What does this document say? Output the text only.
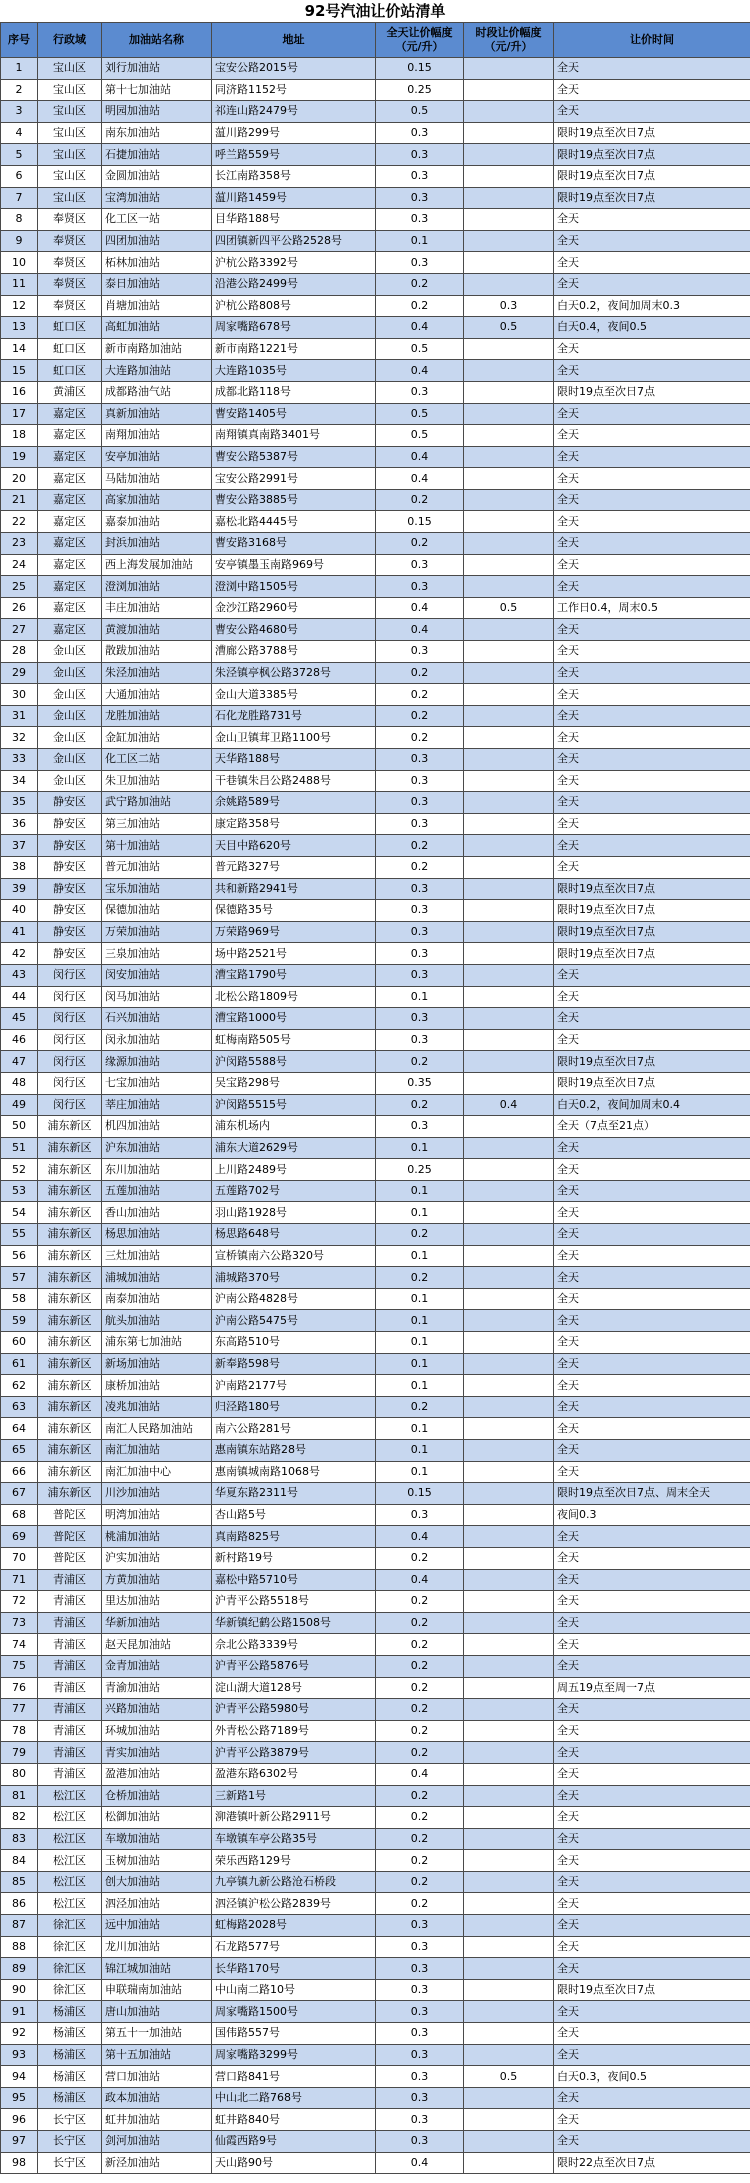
92号汽油让价站清单
序号	行政域	加油站名称	地址	全天让价幅度（元/升）	时段让价幅度（元/升）	让价时间
1	宝山区	刘行加油站	宝安公路2015号	0.15		全天
2	宝山区	第十七加油站	同济路1152号	0.25		全天
3	宝山区	明园加油站	祁连山路2479号	0.5		全天
4	宝山区	南东加油站	蕰川路299号	0.3		限时19点至次日7点
5	宝山区	石捷加油站	呼兰路559号	0.3		限时19点至次日7点
6	宝山区	金圆加油站	长江南路358号	0.3		限时19点至次日7点
7	宝山区	宝湾加油站	蕰川路1459号	0.3		限时19点至次日7点
8	奉贤区	化工区一站	目华路188号	0.3		全天
9	奉贤区	四团加油站	四团镇新四平公路2528号	0.1		全天
10	奉贤区	柘林加油站	沪杭公路3392号	0.3		全天
11	奉贤区	泰日加油站	沿港公路2499号	0.2		全天
12	奉贤区	肖塘加油站	沪杭公路808号	0.2	0.3	白天0.2，夜间加周末0.3
13	虹口区	高虹加油站	周家嘴路678号	0.4	0.5	白天0.4，夜间0.5
14	虹口区	新市南路加油站	新市南路1221号	0.5		全天
15	虹口区	大连路加油站	大连路1035号	0.4		全天
16	黄浦区	成都路油气站	成都北路118号	0.3		限时19点至次日7点
17	嘉定区	真新加油站	曹安路1405号	0.5		全天
18	嘉定区	南翔加油站	南翔镇真南路3401号	0.5		全天
19	嘉定区	安亭加油站	曹安公路5387号	0.4		全天
20	嘉定区	马陆加油站	宝安公路2991号	0.4		全天
21	嘉定区	高家加油站	曹安公路3885号	0.2		全天
22	嘉定区	嘉泰加油站	嘉松北路4445号	0.15		全天
23	嘉定区	封浜加油站	曹安路3168号	0.2		全天
24	嘉定区	西上海发展加油站	安亭镇墨玉南路969号	0.3		全天
25	嘉定区	澄浏加油站	澄浏中路1505号	0.3		全天
26	嘉定区	丰庄加油站	金沙江路2960号	0.4	0.5	工作日0.4，周末0.5
27	嘉定区	黄渡加油站	曹安公路4680号	0.4		全天
28	金山区	散跋加油站	漕廊公路3788号	0.3		全天
29	金山区	朱泾加油站	朱泾镇亭枫公路3728号	0.2		全天
30	金山区	大通加油站	金山大道3385号	0.2		全天
31	金山区	龙胜加油站	石化龙胜路731号	0.2		全天
32	金山区	金缸加油站	金山卫镇茸卫路1100号	0.2		全天
33	金山区	化工区二站	天华路188号	0.3		全天
34	金山区	朱卫加油站	干巷镇朱吕公路2488号	0.3		全天
35	静安区	武宁路加油站	余姚路589号	0.3		全天
36	静安区	第三加油站	康定路358号	0.3		全天
37	静安区	第十加油站	天目中路620号	0.2		全天
38	静安区	普元加油站	普元路327号	0.2		全天
39	静安区	宝乐加油站	共和新路2941号	0.3		限时19点至次日7点
40	静安区	保德加油站	保德路35号	0.3		限时19点至次日7点
41	静安区	万荣加油站	万荣路969号	0.3		限时19点至次日7点
42	静安区	三泉加油站	场中路2521号	0.3		限时19点至次日7点
43	闵行区	闵安加油站	漕宝路1790号	0.3		全天
44	闵行区	闵马加油站	北松公路1809号	0.1		全天
45	闵行区	石兴加油站	漕宝路1000号	0.3		全天
46	闵行区	闵永加油站	虹梅南路505号	0.3		全天
47	闵行区	缘源加油站	沪闵路5588号	0.2		限时19点至次日7点
48	闵行区	七宝加油站	吴宝路298号	0.35		限时19点至次日7点
49	闵行区	莘庄加油站	沪闵路5515号	0.2	0.4	白天0.2，夜间加周末0.4
50	浦东新区	机四加油站	浦东机场内	0.3		全天（7点至21点）
51	浦东新区	沪东加油站	浦东大道2629号	0.1		全天
52	浦东新区	东川加油站	上川路2489号	0.25		全天
53	浦东新区	五莲加油站	五莲路702号	0.1		全天
54	浦东新区	香山加油站	羽山路1928号	0.1		全天
55	浦东新区	杨思加油站	杨思路648号	0.2		全天
56	浦东新区	三灶加油站	宣桥镇南六公路320号	0.1		全天
57	浦东新区	浦城加油站	浦城路370号	0.2		全天
58	浦东新区	南泰加油站	沪南公路4828号	0.1		全天
59	浦东新区	航头加油站	沪南公路5475号	0.1		全天
60	浦东新区	浦东第七加油站	东高路510号	0.1		全天
61	浦东新区	新场加油站	新奉路598号	0.1		全天
62	浦东新区	康桥加油站	沪南路2177号	0.1		全天
63	浦东新区	凌兆加油站	归泾路180号	0.2		全天
64	浦东新区	南汇人民路加油站	南六公路281号	0.1		全天
65	浦东新区	南汇加油站	惠南镇东站路28号	0.1		全天
66	浦东新区	南汇加油中心	惠南镇城南路1068号	0.1		全天
67	浦东新区	川沙加油站	华夏东路2311号	0.15		限时19点至次日7点、周末全天
68	普陀区	明湾加油站	杏山路5号	0.3		夜间0.3
69	普陀区	桃浦加油站	真南路825号	0.4		全天
70	普陀区	沪实加油站	新村路19号	0.2		全天
71	青浦区	方黄加油站	嘉松中路5710号	0.4		全天
72	青浦区	里达加油站	沪青平公路5518号	0.2		全天
73	青浦区	华新加油站	华新镇纪鹤公路1508号	0.2		全天
74	青浦区	赵天昆加油站	佘北公路3339号	0.2		全天
75	青浦区	金青加油站	沪青平公路5876号	0.2		全天
76	青浦区	青渝加油站	淀山湖大道128号	0.2		周五19点至周一7点
77	青浦区	兴路加油站	沪青平公路5980号	0.2		全天
78	青浦区	环城加油站	外青松公路7189号	0.2		全天
79	青浦区	青实加油站	沪青平公路3879号	0.2		全天
80	青浦区	盈港加油站	盈港东路6302号	0.4		全天
81	松江区	仓桥加油站	三新路1号	0.2		全天
82	松江区	松御加油站	泖港镇叶新公路2911号	0.2		全天
83	松江区	车墩加油站	车墩镇车亭公路35号	0.2		全天
84	松江区	玉树加油站	荣乐西路129号	0.2		全天
85	松江区	创大加油站	九亭镇九新公路沧石桥段	0.2		全天
86	松江区	泗泾加油站	泗泾镇沪松公路2839号	0.2		全天
87	徐汇区	远中加油站	虹梅路2028号	0.3		全天
88	徐汇区	龙川加油站	石龙路577号	0.3		全天
89	徐汇区	锦江城加油站	长华路170号	0.3		全天
90	徐汇区	申联瑞南加油站	中山南二路10号	0.3		限时19点至次日7点
91	杨浦区	唐山加油站	周家嘴路1500号	0.3		全天
92	杨浦区	第五十一加油站	国伟路557号	0.3		全天
93	杨浦区	第十五加油站	周家嘴路3299号	0.3		全天
94	杨浦区	营口加油站	营口路841号	0.3	0.5	白天0.3，夜间0.5
95	杨浦区	政本加油站	中山北二路768号	0.3		全天
96	长宁区	虹井加油站	虹井路840号	0.3		全天
97	长宁区	剑河加油站	仙霞西路9号	0.3		全天
98	长宁区	新泾加油站	天山路90号	0.4		限时22点至次日7点
